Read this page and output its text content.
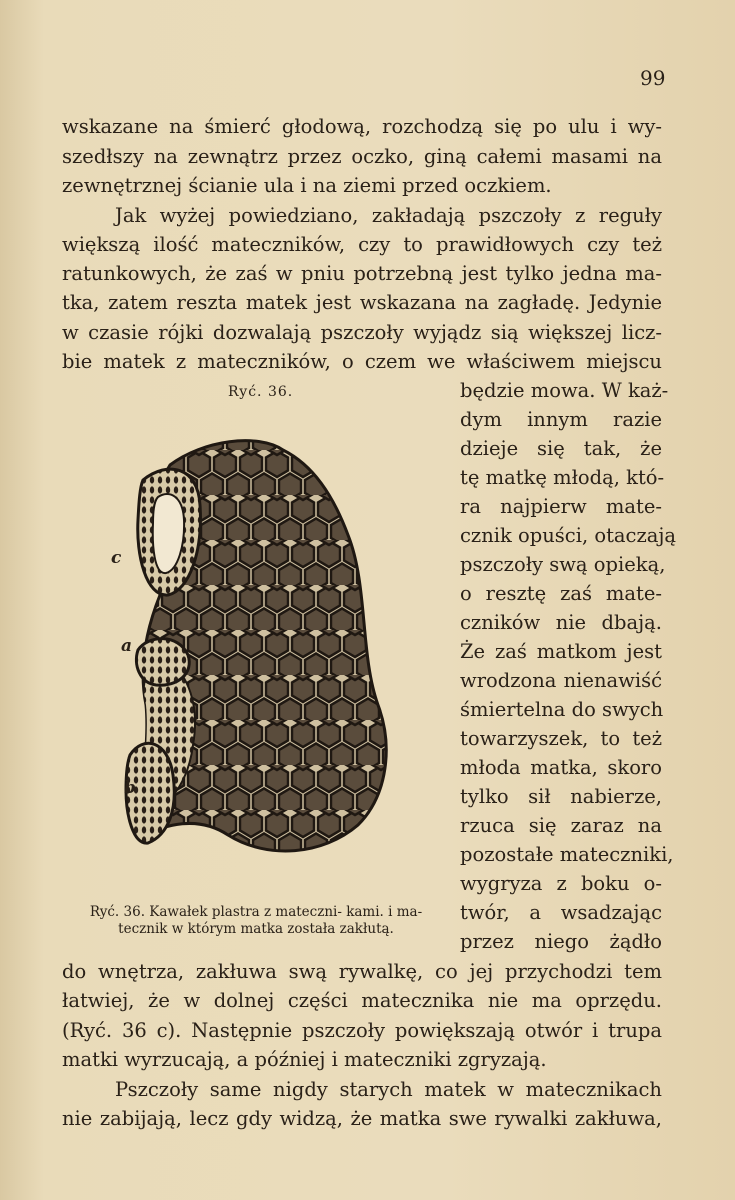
99
wskazane na śmierć głodową, rozchodzą się po ulu i wy-
szedłszy na zewnątrz przez oczko, giną całemi masami na
zewnętrznej ścianie ula i na ziemi przed oczkiem.
Jak wyżej powiedziano, zakładają pszczoły z reguły
większą ilość mateczników, czy to prawidłowych czy też
ratunkowych, że zaś w pniu potrzebną jest tylko jedna ma-
tka, zatem reszta matek jest wskazana na zagładę. Jedynie
w czasie rójki dozwalają pszczoły wyjądz sią większej licz-
bie matek z mateczników, o czem we właściwem miejscu
będzie mowa. W każ-
dym innym razie
dzieje się tak, że
tę matkę młodą, któ-
ra najpierw mate-
cznik opuści, otaczają
pszczoły swą opieką,
o resztę zaś mate-
czników nie dbają.
Że zaś matkom jest
wrodzona nienawiść
śmiertelna do swych
towarzyszek, to też
młoda matka, skoro
tylko sił nabierze,
rzuca się zaraz na
pozostałe mateczniki,
wygryza z boku o-
twór, a wsadzając
przez niego żądło
Ryć. 36.
c
a
b
Ryć. 36. Kawałek plastra z mateczni- kami. i ma-
tecznik w którym matka została zakłutą.
do wnętrza, zakłuwa swą rywalkę, co jej przychodzi tem
łatwiej, że w dolnej części matecznika nie ma oprzędu.
(Ryć. 36 c). Następnie pszczoły powiększają otwór i trupa
matki wyrzucają, a później i mateczniki zgryzają.
Pszczoły same nigdy starych matek w matecznikach
nie zabijają, lecz gdy widzą, że matka swe rywalki zakłuwa,
